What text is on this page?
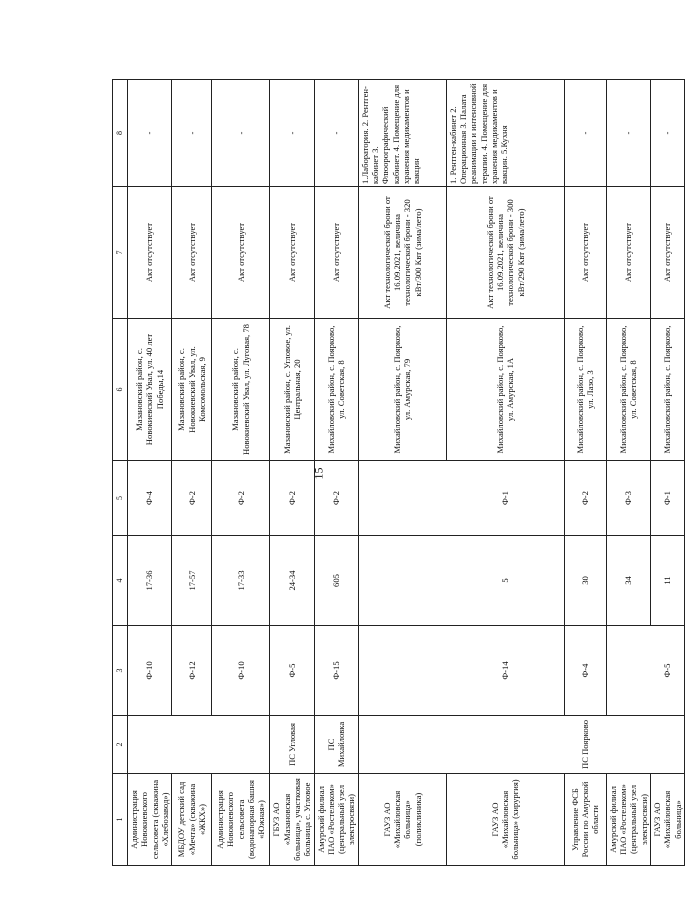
15
1	2	3	4	5	6	7	8
Администрация Новокиевского сельсовета (скважина «Хлебозавод»)		Ф-10	17-36	Ф-4	Мазановский район, с. Новокиевский Увал, ул. 40 лет Победы,14	Акт отсутствует	-
МБДОУ детский сад «Мечта» (скважина «ЖКХ»)		Ф-12	17-57	Ф-2	Мазановский район, с. Новокиевский Увал, ул. Комсомольская, 9	Акт отсутствует	-
Администрация Новокиевского сельсовета (водонапорная башня «Южная»)		Ф-10	17-33	Ф-2	Мазановский район, с. Новокиевский Увал, ул. Луговая, 78	Акт отсутствует	-
ГБУЗ АО «Мазановская больница», участковая больница с. Угловое	ПС Угловая	Ф-5	24-34	Ф-2	Мазановский район, с. Угловое, ул. Центральная, 20	Акт отсутствует	-
Амурский филиал ПАО «Ростелеком» (центральный узел электросвязи)	ПС Михайловка	Ф-15	605	Ф-2	Михайловский район, с. Поярково, ул. Советская, 8	Акт отсутствует	-
ГАУЗ АО «Михайловская больница» (поликлиника)					Михайловский район, с. Поярково, ул. Амурская, 79	Акт технологической брони от 16.09.2021, величина технологической брони - 320 кВт/300 Квт (зима/лето)	1.Лаборатория. 2. Рентген-кабинет 3. Флюорографический кабинет. 4. Помещение для хранения медикаментов и вакцин
ГАУЗ АО «Михайловская больница» (хирургия)		Ф-14	5	Ф-1	Михайловский район, с. Поярково, ул. Амурская, 1А	Акт технологической брони от 16.09.2021, величина технологической брони - 300 кВт/290 Квт (зима/лето)	1. Рентген-кабинет 2. Операционная 3. Палата реанимации и интенсивной терапии. 4. Помещение для хранения медикаментов и вакцин. 5.Кухня
Управление ФСБ России по Амурской области	ПС Поярково	Ф-4	30	Ф-2	Михайловский район, с. Поярково, ул. Лазо, 3	Акт отсутствует	-
Амурский филиал ПАО «Ростелеком» (центральный узел электросвязи)			34	Ф-3	Михайловский район, с. Поярково, ул. Советская, 8	Акт отсутствует	-
ГАУЗ АО «Михайловская больница»		Ф-5	11	Ф-1	Михайловский район, с. Поярково,	Акт отсутствует	-
